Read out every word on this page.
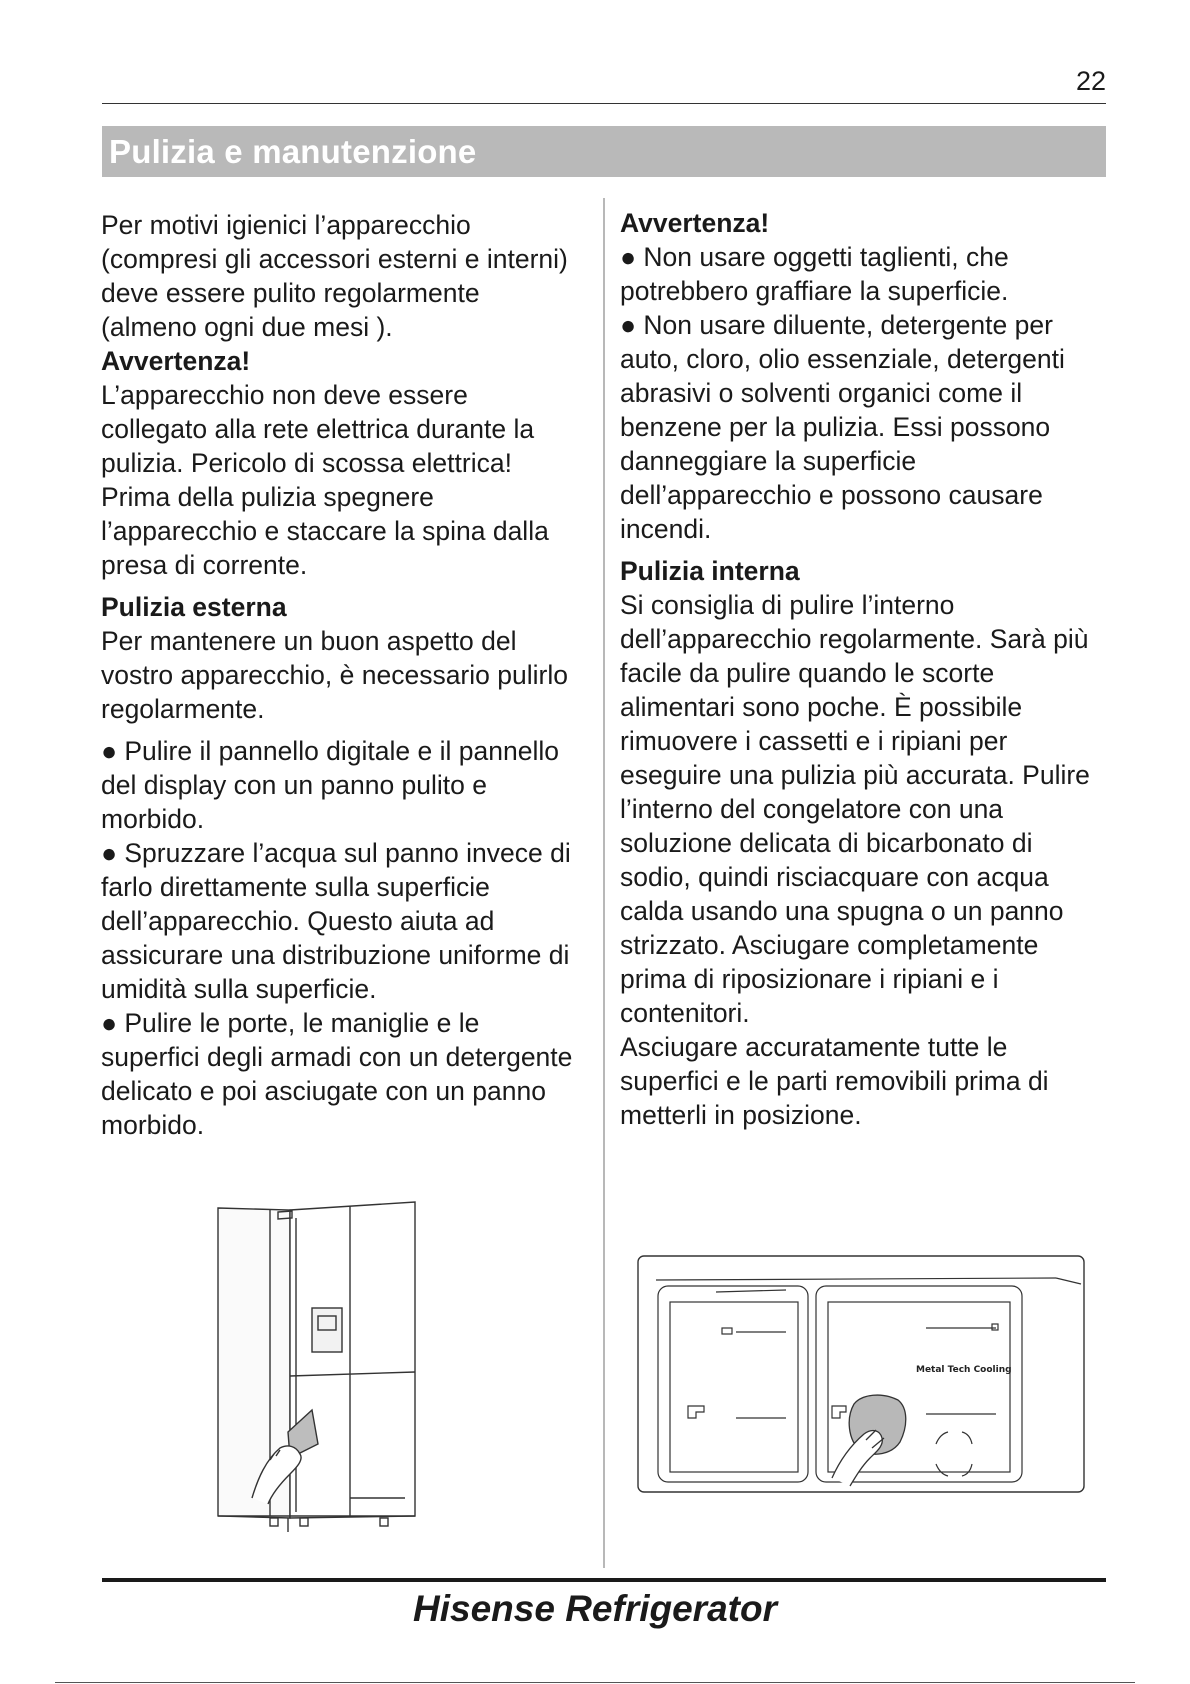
22
Pulizia e manutenzione

Per motivi igienici l’apparecchio (compresi gli accessori esterni e interni) deve essere pulito regolarmente (almeno ogni due mesi ).

Avvertenza!

L’apparecchio non deve essere collegato alla rete elettrica durante la pulizia. Pericolo di scossa elettrica! Prima della pulizia spegnere l’apparecchio e staccare la spina dalla presa di corrente.

Pulizia esterna

Per mantenere un buon aspetto del vostro apparecchio, è necessario pulirlo regolarmente.

● Pulire il pannello digitale e il pannello del display con un panno pulito e morbido.

● Spruzzare l’acqua sul panno invece di farlo direttamente sulla superficie dell’apparecchio. Questo aiuta ad assicurare una distribuzione uniforme di umidità sulla superficie.

● Pulire le porte, le maniglie e le superfici degli armadi con un detergente delicato e poi asciugate con un panno morbido.

Avvertenza!

● Non usare oggetti taglienti, che potrebbero graffiare la superficie.

● Non usare diluente, detergente per auto, cloro, olio essenziale, detergenti abrasivi o solventi organici come il benzene per la pulizia. Essi possono danneggiare la superficie dell’apparecchio e possono causare incendi.

Pulizia interna

Si consiglia di pulire l’interno dell’apparecchio regolarmente. Sarà più facile da pulire quando le scorte alimentari sono poche. È possibile rimuovere i cassetti e i ripiani per eseguire una pulizia più accurata. Pulire l’interno del congelatore con una soluzione delicata di bicarbonato di sodio, quindi risciacquare con acqua calda usando una spugna o un panno strizzato. Asciugare completamente prima di riposizionare i ripiani e i contenitori.

Asciugare accuratamente tutte le superfici e le parti removibili prima di metterli in posizione.

Metal Tech Cooling
Hisense Refrigerator
